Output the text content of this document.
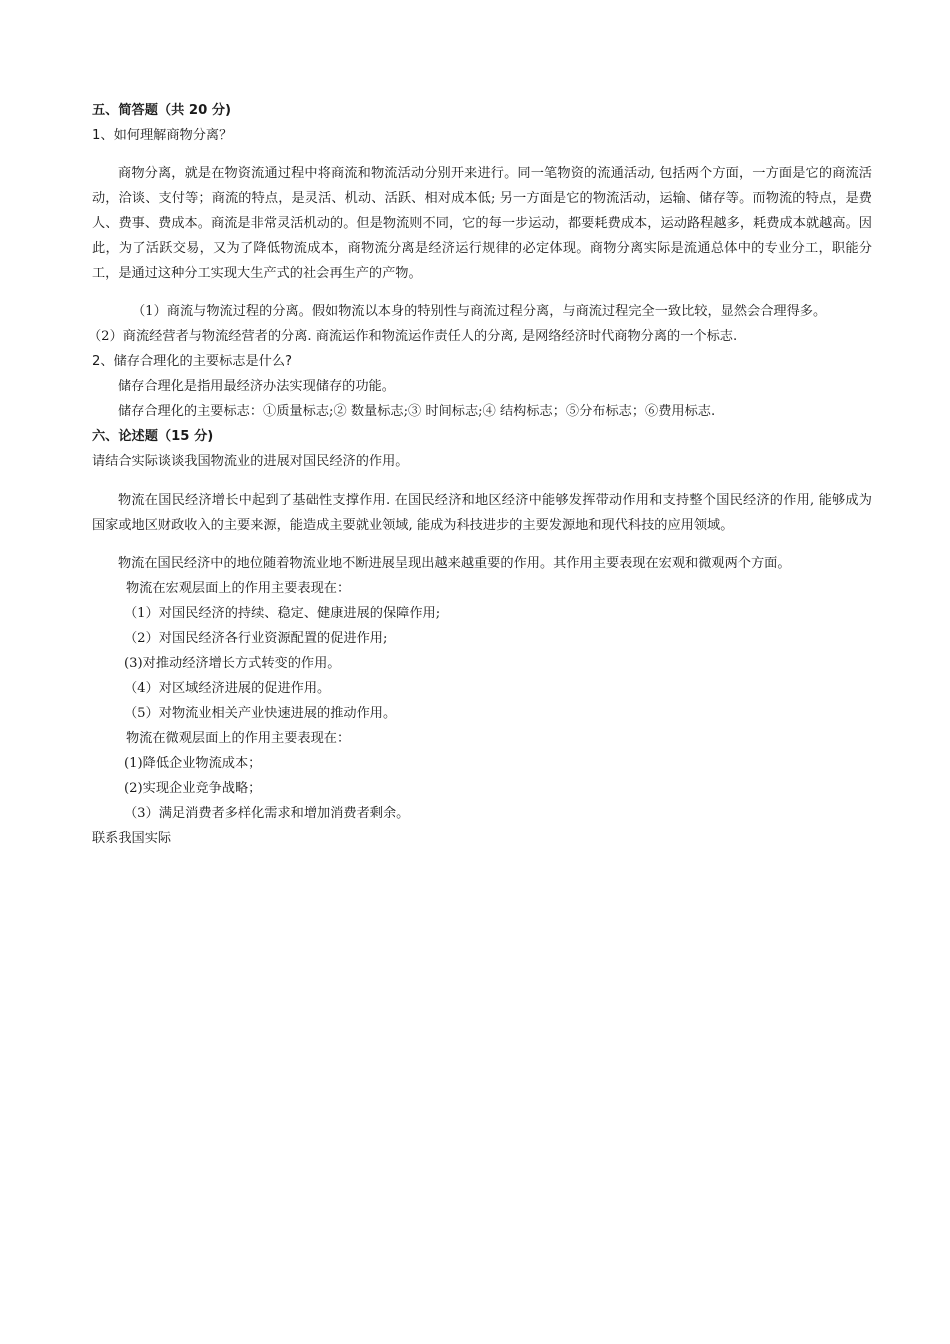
五、简答题（共 20 分)

1、如何理解商物分离？

商物分离，就是在物资流通过程中将商流和物流活动分别开来进行。同一笔物资的流通活动, 包括两个方面，一方面是它的商流活动，洽谈、支付等；商流的特点，是灵活、机动、活跃、相对成本低; 另一方面是它的物流活动，运输、储存等。而物流的特点，是费人、费事、费成本。商流是非常灵活机动的。但是物流则不同，它的每一步运动，都要耗费成本，运动路程越多，耗费成本就越高。因此，为了活跃交易，又为了降低物流成本，商物流分离是经济运行规律的必定体现。商物分离实际是流通总体中的专业分工，职能分工，是通过这种分工实现大生产式的社会再生产的产物。

（1）商流与物流过程的分离。假如物流以本身的特别性与商流过程分离，与商流过程完全一致比较，显然会合理得多。

（2）商流经营者与物流经营者的分离. 商流运作和物流运作责任人的分离, 是网络经济时代商物分离的一个标志.

2、储存合理化的主要标志是什么?

储存合理化是指用最经济办法实现储存的功能。

储存合理化的主要标志：①质量标志;② 数量标志;③ 时间标志;④ 结构标志；⑤分布标志；⑥费用标志.

六、论述题（15 分)

请结合实际谈谈我国物流业的进展对国民经济的作用。

物流在国民经济增长中起到了基础性支撑作用. 在国民经济和地区经济中能够发挥带动作用和支持整个国民经济的作用, 能够成为国家或地区财政收入的主要来源，能造成主要就业领域, 能成为科技进步的主要发源地和现代科技的应用领域。

物流在国民经济中的地位随着物流业地不断进展呈现出越来越重要的作用。其作用主要表现在宏观和微观两个方面。

物流在宏观层面上的作用主要表现在：

（1）对国民经济的持续、稳定、健康进展的保障作用;

（2）对国民经济各行业资源配置的促进作用;

(3)对推动经济增长方式转变的作用。

（4）对区域经济进展的促进作用。

（5）对物流业相关产业快速进展的推动作用。

物流在微观层面上的作用主要表现在：

(1)降低企业物流成本；

(2)实现企业竞争战略；

（3）满足消费者多样化需求和增加消费者剩余。

联系我国实际
